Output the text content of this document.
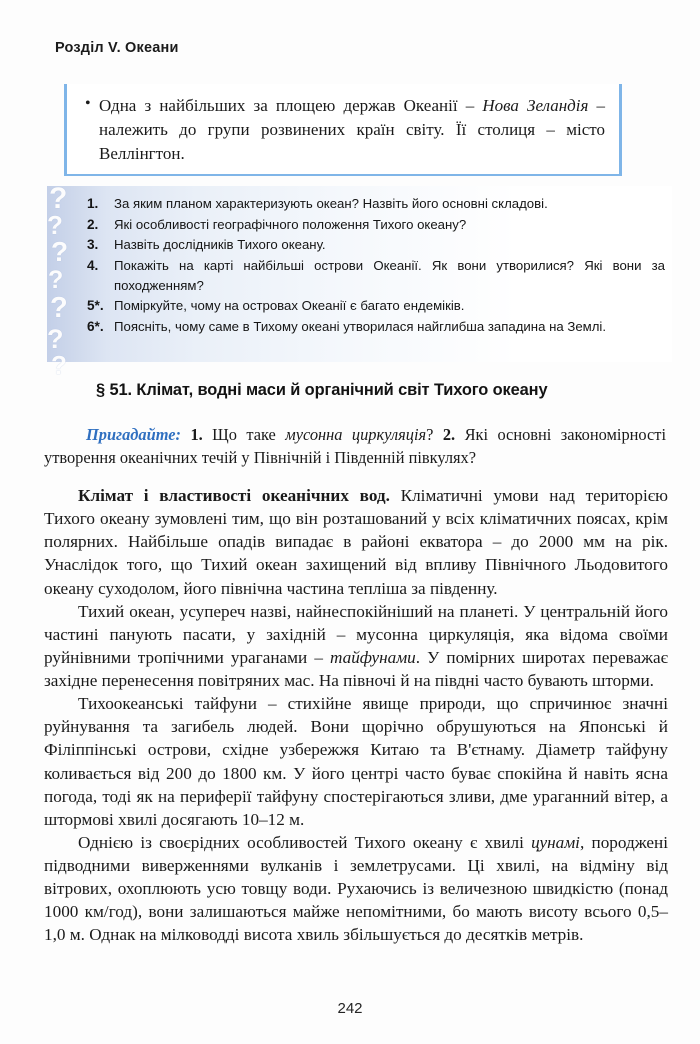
Розділ V. Океани
• Одна з найбільших за площею держав Океанії – Нова Зеландія – належить до групи розвинених країн світу. Її столиця – місто Веллінгтон.
?
?
?
?
?
?
?
1.	За яким планом характеризують океан? Назвіть його основні складові.
2.	Які особливості географічного положення Тихого океану?
3.	Назвіть дослідників Тихого океану.
4.	Покажіть на карті найбільші острови Океанії. Як вони утворилися? Які вони за походженням?
5*. Поміркуйте, чому на островах Океанії є багато ендеміків.
6*. Поясніть, чому саме в Тихому океані утворилася найглибша западина на Землі.
§ 51. Клімат, водні маси й органічний світ Тихого океану
Пригадайте: 1. Що таке мусонна циркуляція? 2. Які основні закономірності утворення океанічних течій у Північній і Південній півкулях?

Клімат і властивості океанічних вод. Кліматичні умови над територією Тихого океану зумовлені тим, що він розташований у всіх кліматичних поясах, крім полярних. Найбільше опадів випадає в районі екватора – до 2000 мм на рік. Унаслідок того, що Тихий океан захищений від впливу Північного Льодовитого океану суходолом, його північна частина тепліша за південну.

Тихий океан, усупереч назві, найнеспокійніший на планеті. У центральній його частині панують пасати, у західній – мусонна циркуляція, яка відома своїми руйнівними тропічними ураганами – тайфунами. У помірних широтах переважає західне перенесення повітряних мас. На півночі й на півдні часто бувають шторми.

Тихоокеанські тайфуни – стихійне явище природи, що спричинює значні руйнування та загибель людей. Вони щорічно обрушуються на Японські й Філіппінські острови, східне узбережжя Китаю та В'єтнаму. Діаметр тайфуну коливається від 200 до 1800 км. У його центрі часто буває спокійна й навіть ясна погода, тоді як на периферії тайфуну спостерігаються зливи, дме ураганний вітер, а штормові хвилі досягають 10–12 м.

Однією із своєрідних особливостей Тихого океану є хвилі цунамі, породжені підводними виверженнями вулканів і землетрусами. Ці хвилі, на відміну від вітрових, охоплюють усю товщу води. Рухаючись із величезною швидкістю (понад 1000 км/год), вони залишаються майже непомітними, бо мають висоту всього 0,5–1,0 м. Однак на мілководді висота хвиль збільшується до десятків метрів.

242
